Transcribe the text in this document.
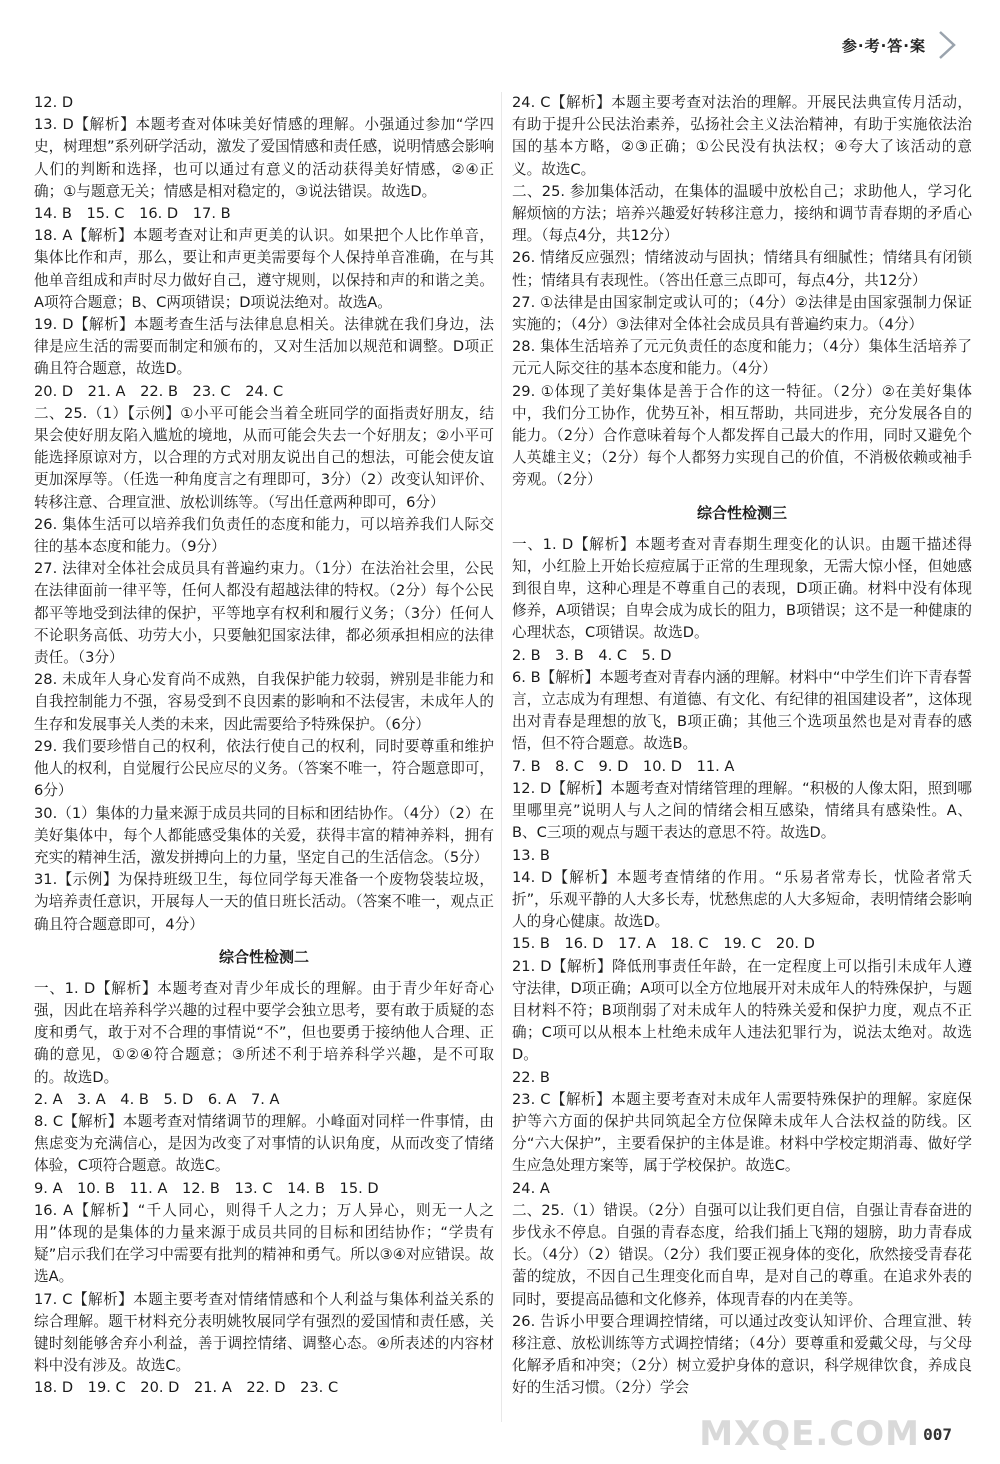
参·考·答·案

12. D

13. D【解析】本题考查对体味美好情感的理解。小强通过参加“学四史，树理想”系列研学活动，激发了爱国情感和责任感，说明情感会影响人们的判断和选择，也可以通过有意义的活动获得美好情感，②④正确；①与题意无关；情感是相对稳定的，③说法错误。故选D。

14. B　15. C　16. D　17. B

18. A【解析】本题考查对让和声更美的认识。如果把个人比作单音，集体比作和声，那么，要让和声更美需要每个人保持单音准确，在与其他单音组成和声时尽力做好自己，遵守规则，以保持和声的和谐之美。A项符合题意；B、C两项错误；D项说法绝对。故选A。

19. D【解析】本题考查生活与法律息息相关。法律就在我们身边，法律是应生活的需要而制定和颁布的，又对生活加以规范和调整。D项正确且符合题意，故选D。

20. D　21. A　22. B　23. C　24. C

二、25.（1）【示例】①小平可能会当着全班同学的面指责好朋友，结果会使好朋友陷入尴尬的境地，从而可能会失去一个好朋友；②小平可能选择原谅对方，以合理的方式对朋友说出自己的想法，可能会使友谊更加深厚等。（任选一种角度言之有理即可，3分）（2）改变认知评价、转移注意、合理宣泄、放松训练等。（写出任意两种即可，6分）

26. 集体生活可以培养我们负责任的态度和能力，可以培养我们人际交往的基本态度和能力。（9分）

27. 法律对全体社会成员具有普遍约束力。（1分）在法治社会里，公民在法律面前一律平等，任何人都没有超越法律的特权。（2分）每个公民都平等地受到法律的保护，平等地享有权利和履行义务；（3分）任何人不论职务高低、功劳大小，只要触犯国家法律，都必须承担相应的法律责任。（3分）

28. 未成年人身心发育尚不成熟，自我保护能力较弱，辨别是非能力和自我控制能力不强，容易受到不良因素的影响和不法侵害，未成年人的生存和发展事关人类的未来，因此需要给予特殊保护。（6分）

29. 我们要珍惜自己的权利，依法行使自己的权利，同时要尊重和维护他人的权利，自觉履行公民应尽的义务。（答案不唯一，符合题意即可，6分）

30.（1）集体的力量来源于成员共同的目标和团结协作。（4分）（2）在美好集体中，每个人都能感受集体的关爱，获得丰富的精神养料，拥有充实的精神生活，激发拼搏向上的力量，坚定自己的生活信念。（5分）

31.【示例】为保持班级卫生，每位同学每天准备一个废物袋装垃圾，为培养责任意识，开展每人一天的值日班长活动。（答案不唯一，观点正确且符合题意即可，4分）

综合性检测二

一、1. D【解析】本题考查对青少年成长的理解。由于青少年好奇心强，因此在培养科学兴趣的过程中要学会独立思考，要有敢于质疑的态度和勇气，敢于对不合理的事情说“不”，但也要勇于接纳他人合理、正确的意见，①②④符合题意；③所述不利于培养科学兴趣，是不可取的。故选D。

2. A　3. A　4. B　5. D　6. A　7. A

8. C【解析】本题考查对情绪调节的理解。小峰面对同样一件事情，由焦虑变为充满信心，是因为改变了对事情的认识角度，从而改变了情绪体验，C项符合题意。故选C。

9. A　10. B　11. A　12. B　13. C　14. B　15. D

16. A【解析】“千人同心，则得千人之力；万人异心，则无一人之用”体现的是集体的力量来源于成员共同的目标和团结协作；“学贵有疑”启示我们在学习中需要有批判的精神和勇气。所以③④对应错误。故选A。

17. C【解析】本题主要考查对情绪情感和个人利益与集体利益关系的综合理解。题干材料充分表明姚牧展同学有强烈的爱国情和责任感，关键时刻能够舍弃小利益，善于调控情绪、调整心态。④所表述的内容材料中没有涉及。故选C。

18. D　19. C　20. D　21. A　22. D　23. C

24. C【解析】本题主要考查对法治的理解。开展民法典宣传月活动，有助于提升公民法治素养，弘扬社会主义法治精神，有助于实施依法治国的基本方略，②③正确；①公民没有执法权；④夸大了该活动的意义。故选C。

二、25. 参加集体活动，在集体的温暖中放松自己；求助他人，学习化解烦恼的方法；培养兴趣爱好转移注意力，接纳和调节青春期的矛盾心理。（每点4分，共12分）

26. 情绪反应强烈；情绪波动与固执；情绪具有细腻性；情绪具有闭锁性；情绪具有表现性。（答出任意三点即可，每点4分，共12分）

27. ①法律是由国家制定或认可的；（4分）②法律是由国家强制力保证实施的；（4分）③法律对全体社会成员具有普遍约束力。（4分）

28. 集体生活培养了元元负责任的态度和能力；（4分）集体生活培养了元元人际交往的基本态度和能力。（4分）

29. ①体现了美好集体是善于合作的这一特征。（2分）②在美好集体中，我们分工协作，优势互补，相互帮助，共同进步，充分发展各自的能力。（2分）合作意味着每个人都发挥自己最大的作用，同时又避免个人英雄主义；（2分）每个人都努力实现自己的价值，不消极依赖或袖手旁观。（2分）

综合性检测三

一、1. D【解析】本题考查对青春期生理变化的认识。由题干描述得知，小红脸上开始长痘痘属于正常的生理现象，无需大惊小怪，但她感到很自卑，这种心理是不尊重自己的表现，D项正确。材料中没有体现修养，A项错误；自卑会成为成长的阻力，B项错误；这不是一种健康的心理状态，C项错误。故选D。

2. B　3. B　4. C　5. D

6. B【解析】本题考查对青春内涵的理解。材料中“中学生们许下青春誓言，立志成为有理想、有道德、有文化、有纪律的祖国建设者”，这体现出对青春是理想的放飞，B项正确；其他三个选项虽然也是对青春的感悟，但不符合题意。故选B。

7. B　8. C　9. D　10. D　11. A

12. D【解析】本题考查对情绪管理的理解。“积极的人像太阳，照到哪里哪里亮”说明人与人之间的情绪会相互感染，情绪具有感染性。A、B、C三项的观点与题干表达的意思不符。故选D。

13. B

14. D【解析】本题考查情绪的作用。“乐易者常寿长，忧险者常夭折”，乐观平静的人大多长寿，忧愁焦虑的人大多短命，表明情绪会影响人的身心健康。故选D。

15. B　16. D　17. A　18. C　19. C　20. D

21. D【解析】降低刑事责任年龄，在一定程度上可以指引未成年人遵守法律，D项正确；A项可以全方位地展开对未成年人的特殊保护，与题目材料不符；B项削弱了对未成年人的特殊关爱和保护力度，观点不正确；C项可以从根本上杜绝未成年人违法犯罪行为，说法太绝对。故选D。

22. B

23. C【解析】本题主要考查对未成年人需要特殊保护的理解。家庭保护等六方面的保护共同筑起全方位保障未成年人合法权益的防线。区分“六大保护”，主要看保护的主体是谁。材料中学校定期消毒、做好学生应急处理方案等，属于学校保护。故选C。

24. A

二、25.（1）错误。（2分）自强可以让我们更自信，自强让青春奋进的步伐永不停息。自强的青春态度，给我们插上飞翔的翅膀，助力青春成长。（4分）（2）错误。（2分）我们要正视身体的变化，欣然接受青春花蕾的绽放，不因自己生理变化而自卑，是对自己的尊重。在追求外表的同时，要提高品德和文化修养，体现青春的内在美等。

26. 告诉小甲要合理调控情绪，可以通过改变认知评价、合理宣泄、转移注意、放松训练等方式调控情绪；（4分）要尊重和爱戴父母，与父母化解矛盾和冲突；（2分）树立爱护身体的意识，科学规律饮食，养成良好的生活习惯。（2分）学会

MXQE.COM 007
